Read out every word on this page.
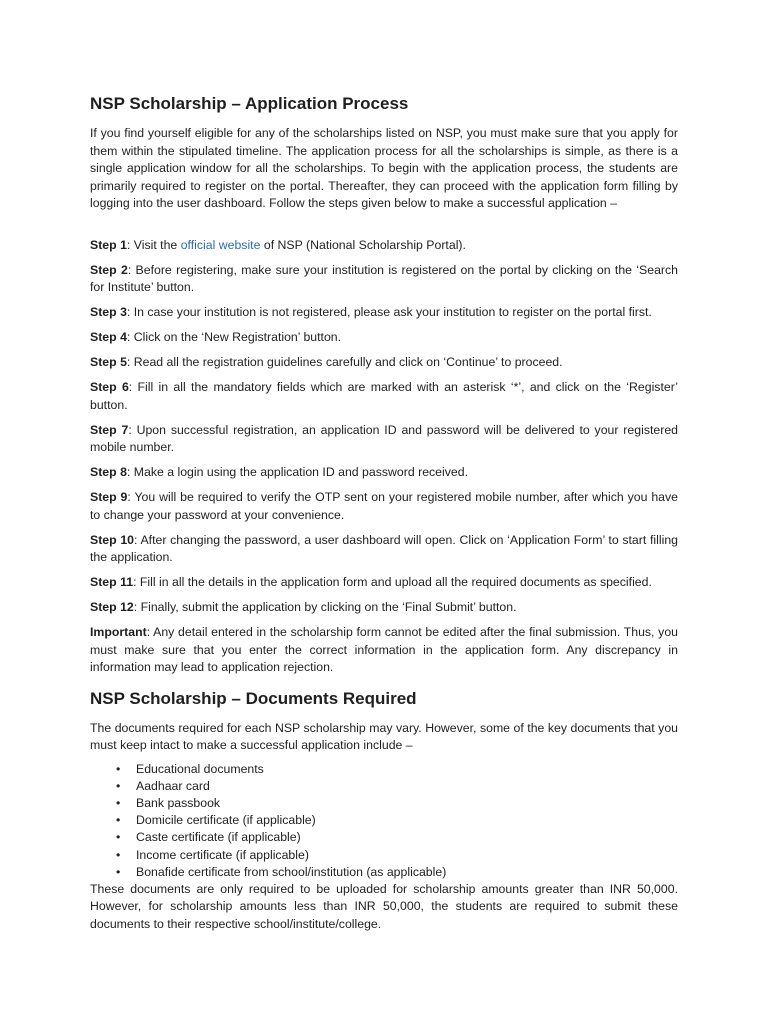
NSP Scholarship – Application Process

If you find yourself eligible for any of the scholarships listed on NSP, you must make sure that you apply for them within the stipulated timeline. The application process for all the scholarships is simple, as there is a single application window for all the scholarships. To begin with the application process, the students are primarily required to register on the portal. Thereafter, they can proceed with the application form filling by logging into the user dashboard. Follow the steps given below to make a successful application –

Step 1: Visit the official website of NSP (National Scholarship Portal).

Step 2: Before registering, make sure your institution is registered on the portal by clicking on the ‘Search for Institute’ button.

Step 3: In case your institution is not registered, please ask your institution to register on the portal first.

Step 4: Click on the ‘New Registration’ button.

Step 5: Read all the registration guidelines carefully and click on ‘Continue’ to proceed.

Step 6: Fill in all the mandatory fields which are marked with an asterisk ‘*’, and click on the ‘Register’ button.

Step 7: Upon successful registration, an application ID and password will be delivered to your registered mobile number.

Step 8: Make a login using the application ID and password received.

Step 9: You will be required to verify the OTP sent on your registered mobile number, after which you have to change your password at your convenience.

Step 10: After changing the password, a user dashboard will open. Click on ‘Application Form’ to start filling the application.

Step 11: Fill in all the details in the application form and upload all the required documents as specified.

Step 12: Finally, submit the application by clicking on the ‘Final Submit’ button.

Important: Any detail entered in the scholarship form cannot be edited after the final submission. Thus, you must make sure that you enter the correct information in the application form. Any discrepancy in information may lead to application rejection.

NSP Scholarship – Documents Required

The documents required for each NSP scholarship may vary. However, some of the key documents that you must keep intact to make a successful application include –

• Educational documents
• Aadhaar card
• Bank passbook
• Domicile certificate (if applicable)
• Caste certificate (if applicable)
• Income certificate (if applicable)
• Bonafide certificate from school/institution (as applicable)

These documents are only required to be uploaded for scholarship amounts greater than INR 50,000. However, for scholarship amounts less than INR 50,000, the students are required to submit these documents to their respective school/institute/college.
